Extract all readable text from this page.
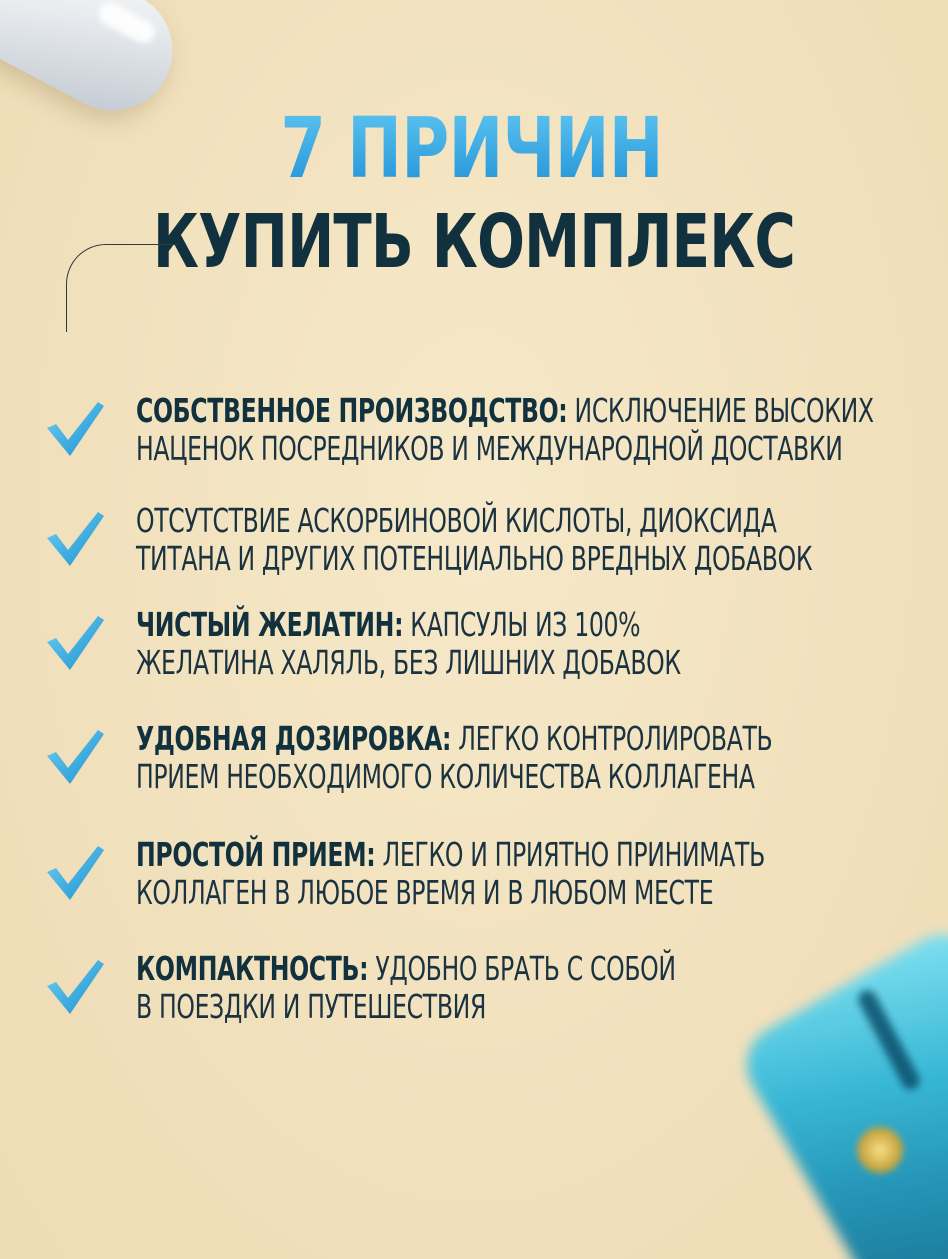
7 ПРИЧИН
КУПИТЬ КОМПЛЕКС
СОБСТВЕННОЕ ПРОИЗВОДСТВО: ИСКЛЮЧЕНИЕ ВЫСОКИХ
НАЦЕНОК ПОСРЕДНИКОВ И МЕЖДУНАРОДНОЙ ДОСТАВКИ
ОТСУТСТВИЕ АСКОРБИНОВОЙ КИСЛОТЫ, ДИОКСИДА
ТИТАНА И ДРУГИХ ПОТЕНЦИАЛЬНО ВРЕДНЫХ ДОБАВОК
ЧИСТЫЙ ЖЕЛАТИН: КАПСУЛЫ ИЗ 100%
ЖЕЛАТИНА ХАЛЯЛЬ, БЕЗ ЛИШНИХ ДОБАВОК
УДОБНАЯ ДОЗИРОВКА: ЛЕГКО КОНТРОЛИРОВАТЬ
ПРИЕМ НЕОБХОДИМОГО КОЛИЧЕСТВА КОЛЛАГЕНА
ПРОСТОЙ ПРИЕМ: ЛЕГКО И ПРИЯТНО ПРИНИМАТЬ
КОЛЛАГЕН В ЛЮБОЕ ВРЕМЯ И В ЛЮБОМ МЕСТЕ
КОМПАКТНОСТЬ: УДОБНО БРАТЬ С СОБОЙ
В ПОЕЗДКИ И ПУТЕШЕСТВИЯ
